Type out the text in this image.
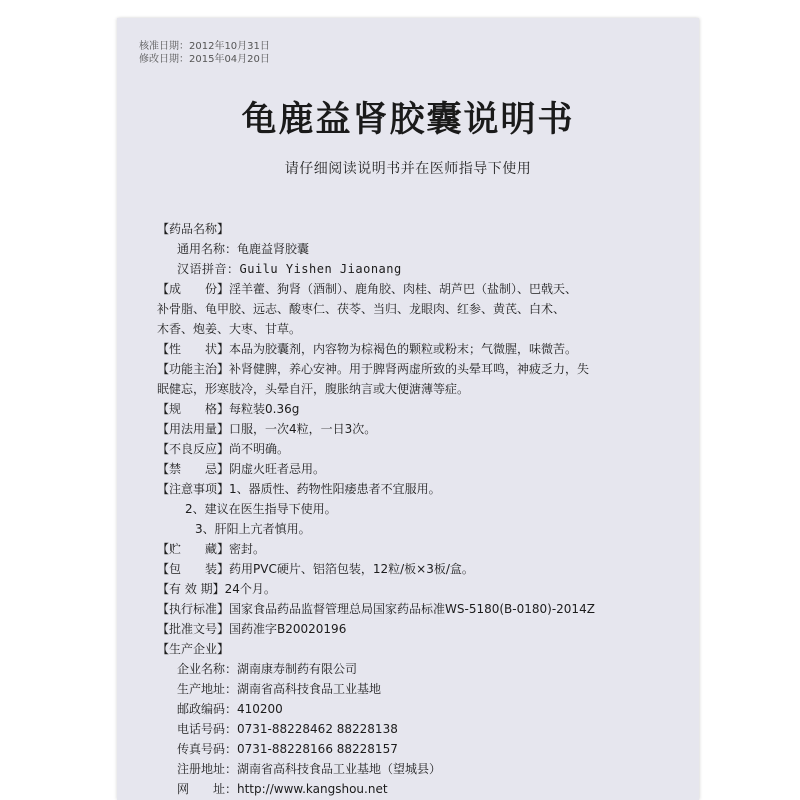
核准日期：2012年10月31日
修改日期：2015年04月20日
龟鹿益肾胶囊说明书
请仔细阅读说明书并在医师指导下使用
【药品名称】
通用名称：龟鹿益肾胶囊
汉语拼音：Guilu Yishen Jiaonang
【成　　份】淫羊藿、狗肾（酒制）、鹿角胶、肉桂、胡芦巴（盐制）、巴戟天、
补骨脂、龟甲胶、远志、酸枣仁、茯苓、当归、龙眼肉、红参、黄芪、白术、
木香、炮姜、大枣、甘草。
【性　　状】本品为胶囊剂，内容物为棕褐色的颗粒或粉末；气微腥，味微苦。
【功能主治】补肾健脾，养心安神。用于脾肾两虚所致的头晕耳鸣，神疲乏力，失
眠健忘，形寒肢冷，头晕自汗，腹胀纳言或大便溏薄等症。
【规　　格】每粒装0.36g
【用法用量】口服，一次4粒，一日3次。
【不良反应】尚不明确。
【禁　　忌】阴虚火旺者忌用。
【注意事项】1、器质性、药物性阳痿患者不宜服用。
2、建议在医生指导下使用。
3、肝阳上亢者慎用。
【贮　　藏】密封。
【包　　装】药用PVC硬片、铝箔包装，12粒/板×3板/盒。
【有 效 期】24个月。
【执行标准】国家食品药品监督管理总局国家药品标准WS-5180(B-0180)-2014Z
【批准文号】国药准字B20020196
【生产企业】
企业名称：湖南康寿制药有限公司
生产地址：湖南省高科技食品工业基地
邮政编码：410200
电话号码：0731-88228462 88228138
传真号码：0731-88228166 88228157
注册地址：湖南省高科技食品工业基地（望城县）
网　　址：http://www.kangshou.net
